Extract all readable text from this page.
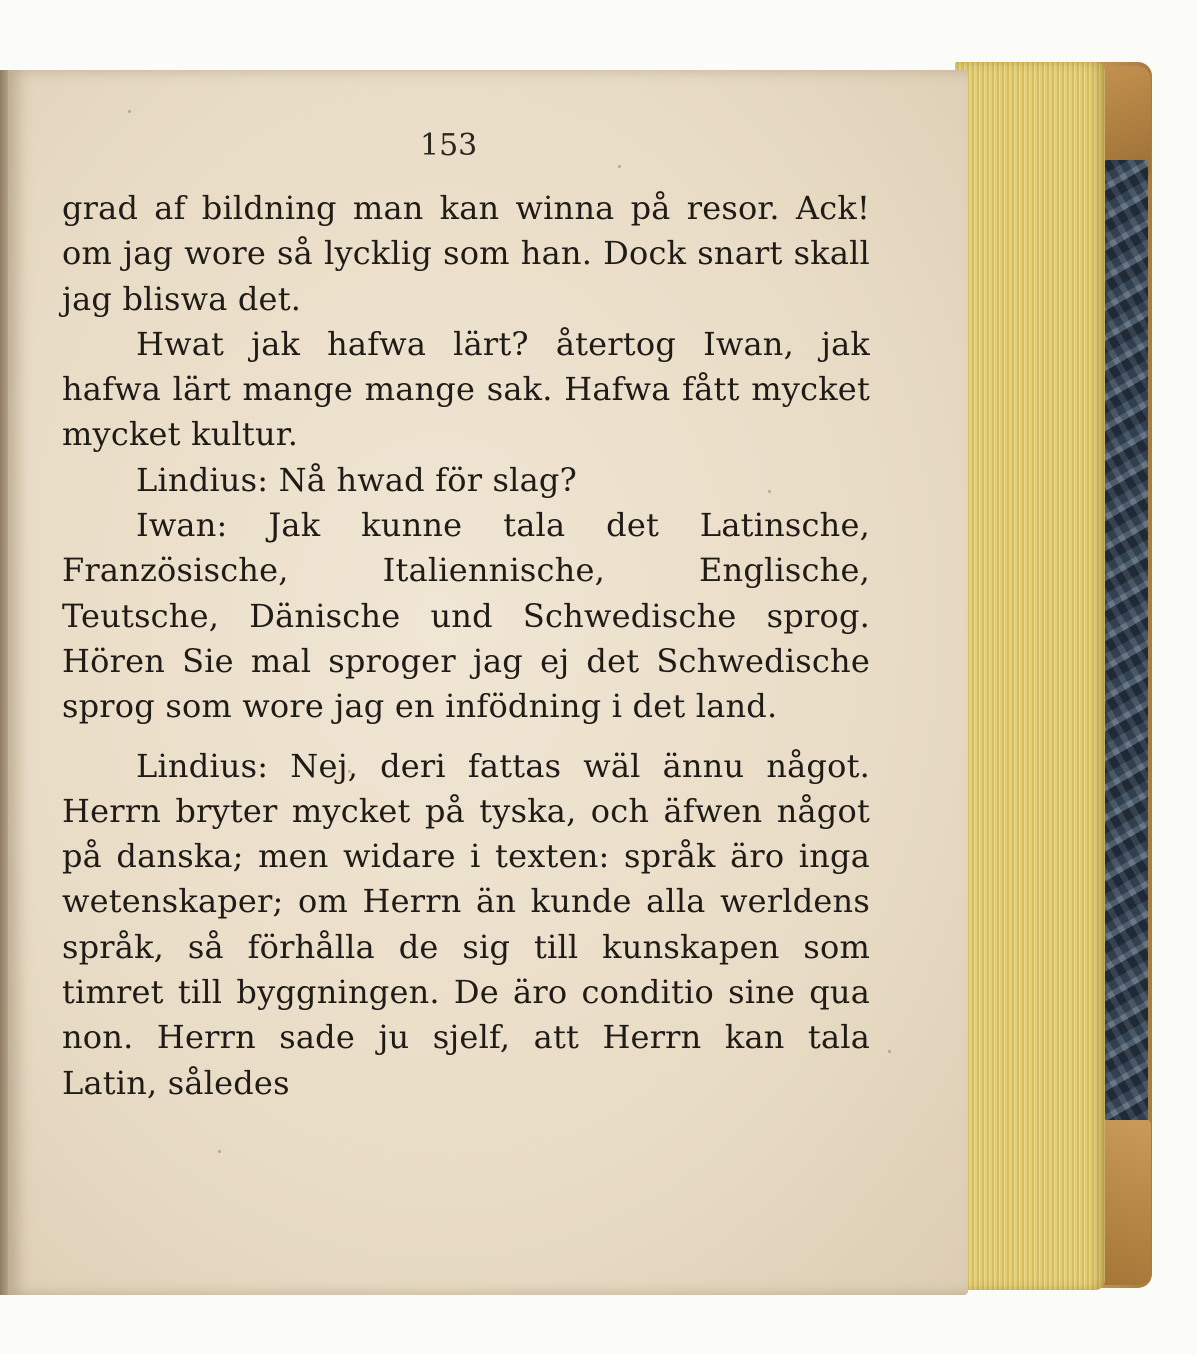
153

grad af bildning man kan winna på resor. Ack! om jag wore så lycklig som han. Dock snart skall jag bliswa det.

Hwat jak hafwa lärt? återtog Iwan, jak hafwa lärt mange mange sak. Hafwa fått mycket mycket kultur.

Lindius: Nå hwad för slag?

Iwan: Jak kunne tala det Latinsche, Französische, Italiennische, Englische, Teutsche, Dänische und Schwedische sprog. Hören Sie mal sproger jag ej det Schwedische sprog som wore jag en infödning i det land.

Lindius: Nej, deri fattas wäl ännu något. Herrn bryter mycket på tyska, och äfwen något på danska; men widare i texten: språk äro inga wetenskaper; om Herrn än kunde alla werldens språk, så förhålla de sig till kunskapen som timret till byggningen. De äro conditio sine qua non. Herrn sade ju sjelf, att Herrn kan tala Latin, således
